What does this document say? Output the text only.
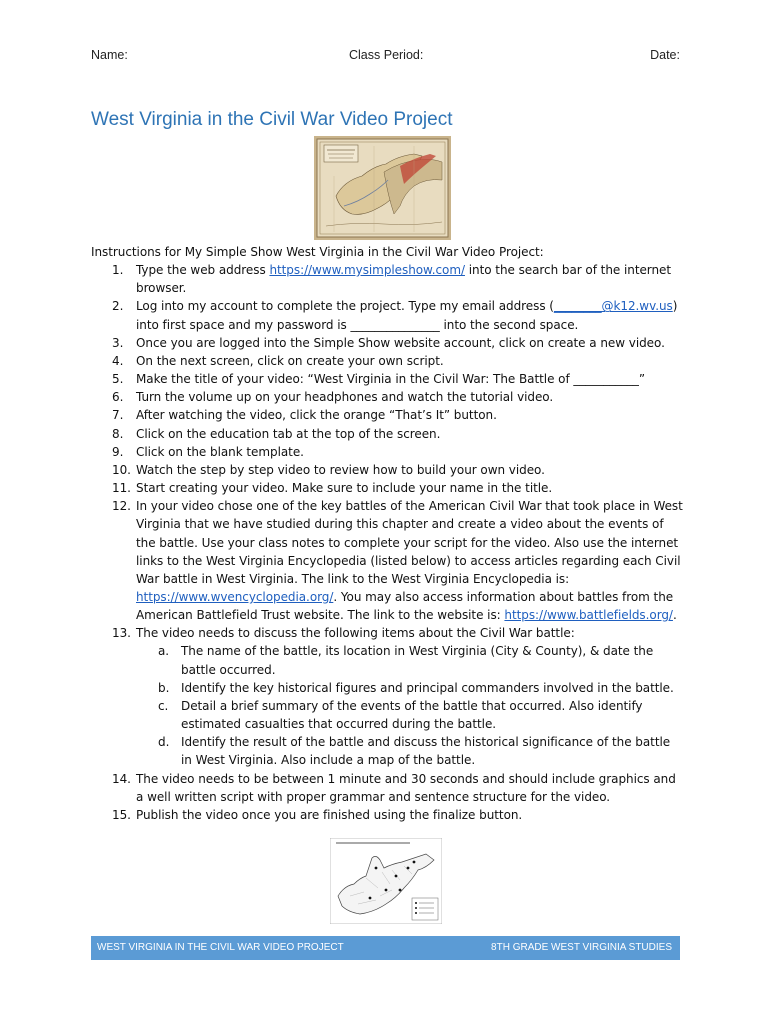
Name:	Class Period:	Date:
West Virginia in the Civil War Video Project

Instructions for My Simple Show West Virginia in the Civil War Video Project:

1.	Type the web address https://www.mysimpleshow.com/ into the search bar of the internet browser.
2.	Log into my account to complete the project. Type my email address (________@k12.wv.us) into first space and my password is _______________ into the second space.
3.	Once you are logged into the Simple Show website account, click on create a new video.
4.	On the next screen, click on create your own script.
5.	Make the title of your video: “West Virginia in the Civil War: The Battle of ___________”
6.	Turn the volume up on your headphones and watch the tutorial video.
7.	After watching the video, click the orange “That’s It” button.
8.	Click on the education tab at the top of the screen.
9.	Click on the blank template.
10. Watch the step by step video to review how to build your own video.
11. Start creating your video. Make sure to include your name in the title.
12. In your video chose one of the key battles of the American Civil War that took place in West Virginia that we have studied during this chapter and create a video about the events of the battle. Use your class notes to complete your script for the video. Also use the internet links to the West Virginia Encyclopedia (listed below) to access articles regarding each Civil War battle in West Virginia. The link to the West Virginia Encyclopedia is: https://www.wvencyclopedia.org/. You may also access information about battles from the American Battlefield Trust website. The link to the website is: https://www.battlefields.org/.
13. The video needs to discuss the following items about the Civil War battle:
a. The name of the battle, its location in West Virginia (City & County), & date the battle occurred.
b. Identify the key historical figures and principal commanders involved in the battle.
c. Detail a brief summary of the events of the battle that occurred. Also identify estimated casualties that occurred during the battle.
d. Identify the result of the battle and discuss the historical significance of the battle in West Virginia. Also include a map of the battle.
14. The video needs to be between 1 minute and 30 seconds and should include graphics and a well written script with proper grammar and sentence structure for the video.
15. Publish the video once you are finished using the finalize button.
WEST VIRGINIA IN THE CIVIL WAR VIDEO PROJECT	8TH GRADE WEST VIRGINIA STUDIES
